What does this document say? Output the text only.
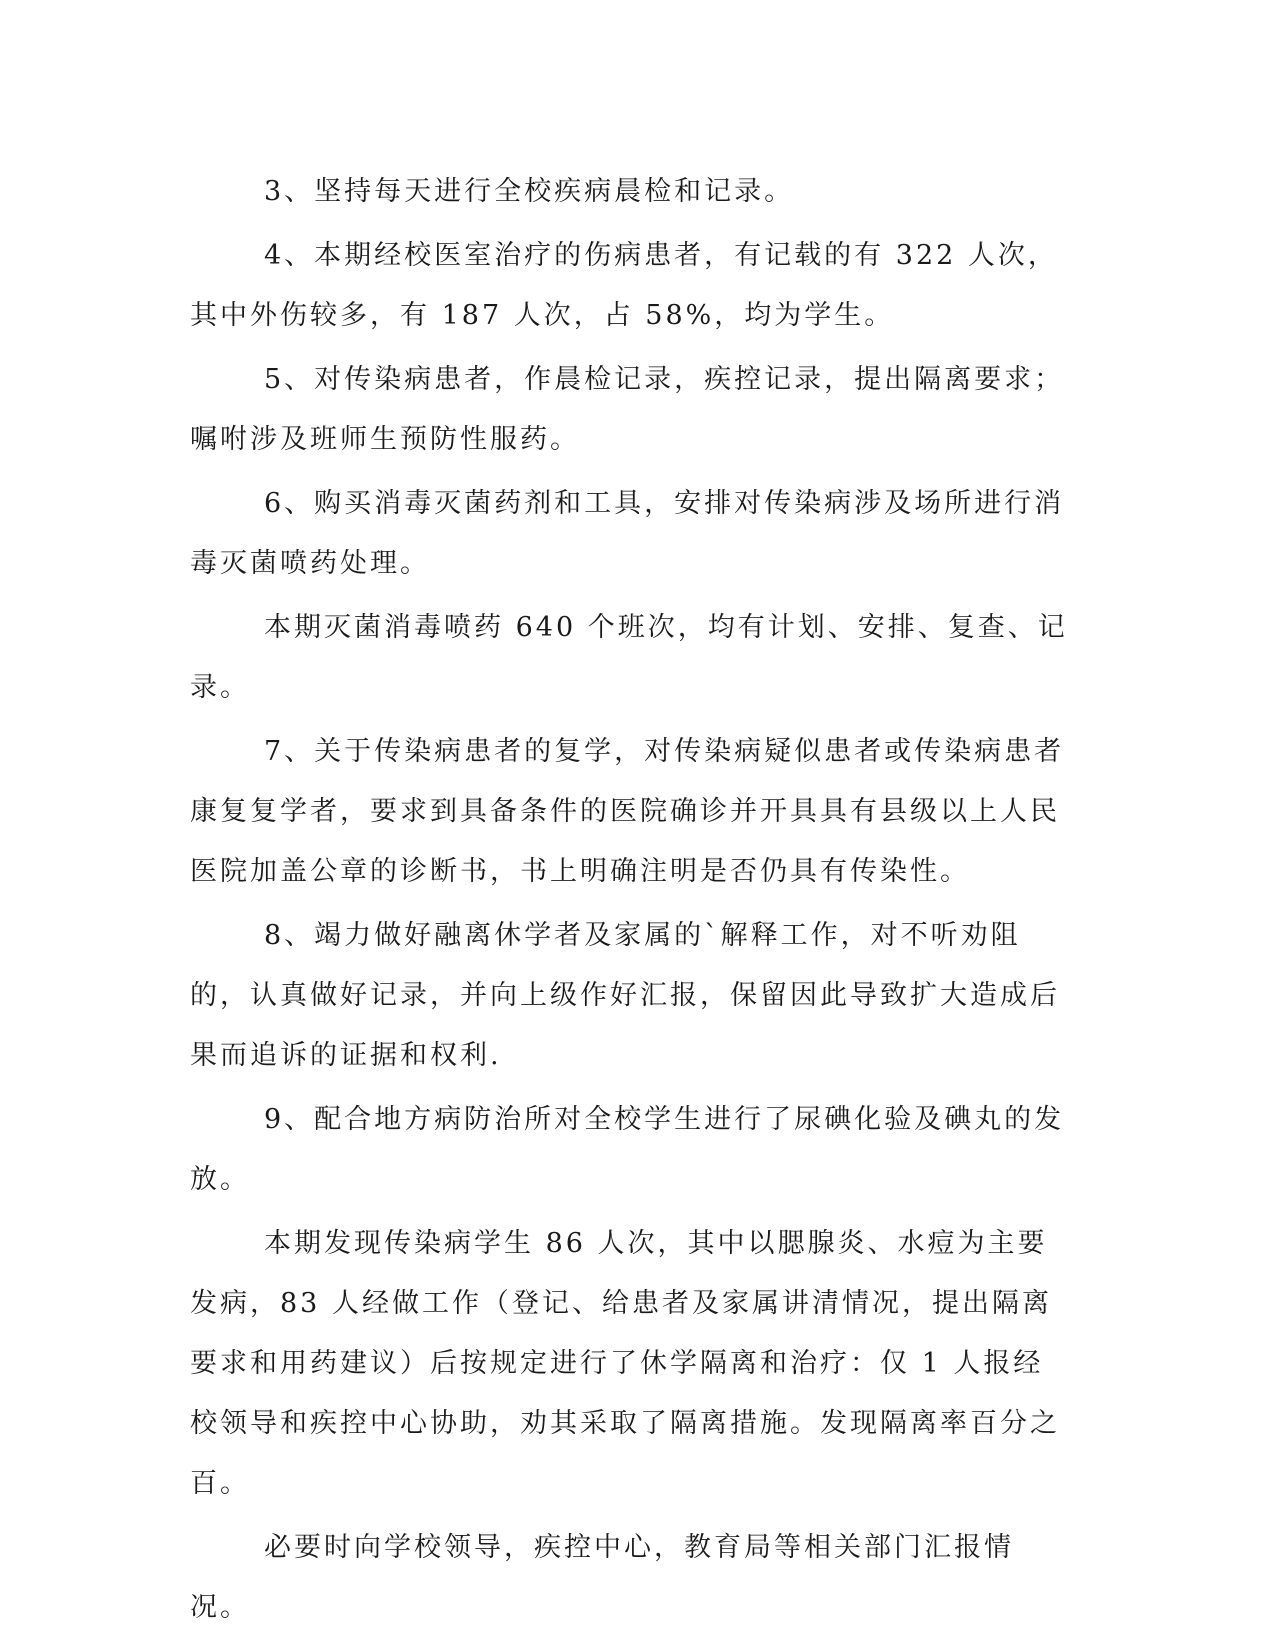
3、坚持每天进行全校疾病晨检和记录。

4、本期经校医室治疗的伤病患者，有记载的有 322 人次，其中外伤较多，有 187 人次，占 58%，均为学生。

5、对传染病患者，作晨检记录，疾控记录，提出隔离要求；嘱咐涉及班师生预防性服药。

6、购买消毒灭菌药剂和工具，安排对传染病涉及场所进行消毒灭菌喷药处理。

本期灭菌消毒喷药 640 个班次，均有计划、安排、复查、记录。

7、关于传染病患者的复学，对传染病疑似患者或传染病患者康复复学者，要求到具备条件的医院确诊并开具具有县级以上人民医院加盖公章的诊断书，书上明确注明是否仍具有传染性。

8、竭力做好融离休学者及家属的`解释工作，对不听劝阻的，认真做好记录，并向上级作好汇报，保留因此导致扩大造成后果而追诉的证据和权利.

9、配合地方病防治所对全校学生进行了尿碘化验及碘丸的发放。

本期发现传染病学生 86 人次，其中以腮腺炎、水痘为主要发病，83 人经做工作（登记、给患者及家属讲清情况，提出隔离要求和用药建议）后按规定进行了休学隔离和治疗：仅 1 人报经校领导和疾控中心协助，劝其采取了隔离措施。发现隔离率百分之百。

必要时向学校领导，疾控中心，教育局等相关部门汇报情况。
